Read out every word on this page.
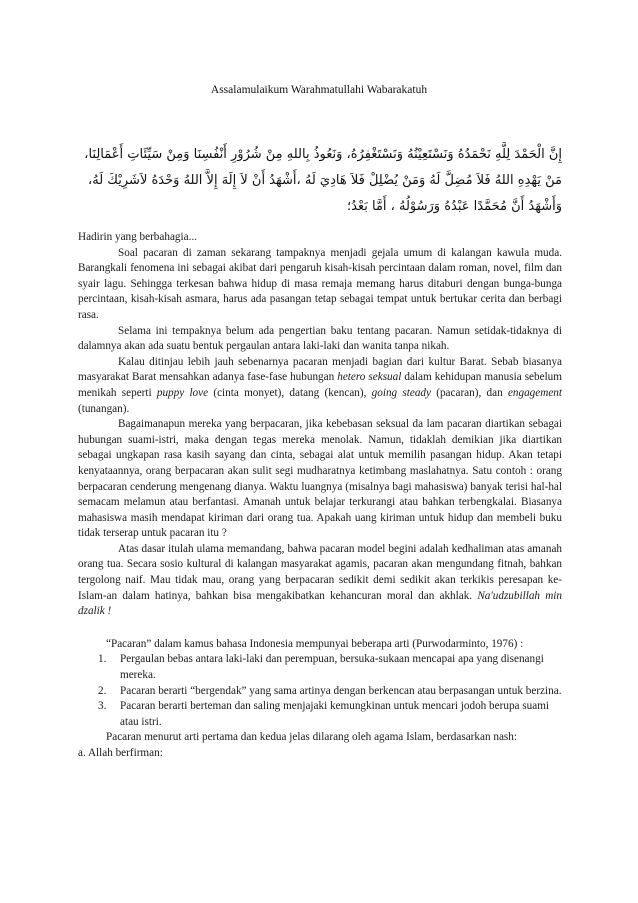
Assalamulaikum Warahmatullahi Wabarakatuh
إِنَّ الْحَمْدَ لِلَّهِ نَحْمَدُهُ وَنَسْتَعِيْنُهُ وَنَسْتَغْفِرُهُ، وَنَعُوذُ بِاللهِ مِنْ شُرُوْرِ أَنْفُسِنَا وَمِنْ سَيِّئَاتِ أَعْمَالِنَا،
مَنْ يَهْدِهِ اللهُ فَلاَ مُضِلَّ لَهُ وَمَنْ يُضْلِلْ فَلاَ هَادِيَ لَهُ ،أَشْهَدُ أَنْ لاَ إِلَهَ إِلاَّ اللهُ وَحْدَهُ لاَشَرِيْكَ لَهُ،
وَأَشْهَدُ أَنَّ مُحَمَّدًا عَبْدُهُ وَرَسُوْلُهُ ، أَمَّا بَعْدُ؛

Hadirin yang berbahagia...

Soal pacaran di zaman sekarang tampaknya menjadi gejala umum di kalangan kawula muda. Barangkali fenomena ini sebagai akibat dari pengaruh kisah-kisah percintaan dalam roman, novel, film dan syair lagu. Sehingga terkesan bahwa hidup di masa remaja memang harus ditaburi dengan bunga-bunga percintaan, kisah-kisah asmara, harus ada pasangan tetap sebagai tempat untuk bertukar cerita dan berbagi rasa.

Selama ini tempaknya belum ada pengertian baku tentang pacaran. Namun setidak-tidaknya di dalamnya akan ada suatu bentuk pergaulan antara laki-laki dan wanita tanpa nikah.

Kalau ditinjau lebih jauh sebenarnya pacaran menjadi bagian dari kultur Barat. Sebab biasanya masyarakat Barat mensahkan adanya fase-fase hubungan hetero seksual dalam kehidupan manusia sebelum menikah seperti puppy love (cinta monyet), datang (kencan), going steady (pacaran), dan engagement (tunangan).

Bagaimanapun mereka yang berpacaran, jika kebebasan seksual da lam pacaran diartikan sebagai hubungan suami-istri, maka dengan tegas mereka menolak. Namun, tidaklah demikian jika diartikan sebagai ungkapan rasa kasih sayang dan cinta, sebagai alat untuk memilih pasangan hidup. Akan tetapi kenyataannya, orang berpacaran akan sulit segi mudharatnya ketimbang maslahatnya. Satu contoh : orang berpacaran cenderung mengenang dianya. Waktu luangnya (misalnya bagi mahasiswa) banyak terisi hal-hal semacam melamun atau berfantasi. Amanah untuk belajar terkurangi atau bahkan terbengkalai. Biasanya mahasiswa masih mendapat kiriman dari orang tua. Apakah uang kiriman untuk hidup dan membeli buku tidak terserap untuk pacaran itu ?

Atas dasar itulah ulama memandang, bahwa pacaran model begini adalah kedhaliman atas amanah orang tua. Secara sosio kultural di kalangan masyarakat agamis, pacaran akan mengundang fitnah, bahkan tergolong naif. Mau tidak mau, orang yang berpacaran sedikit demi sedikit akan terkikis peresapan ke-Islam-an dalam hatinya, bahkan bisa mengakibatkan kehancuran moral dan akhlak. Na'udzubillah min dzalik !

“Pacaran” dalam kamus bahasa Indonesia mempunyai beberapa arti (Purwodarminto, 1976) :

1. Pergaulan bebas antara laki-laki dan perempuan, bersuka-sukaan mencapai apa yang disenangi mereka.
2. Pacaran berarti “bergendak” yang sama artinya dengan berkencan atau berpasangan untuk berzina.
3. Pacaran berarti berteman dan saling menjajaki kemungkinan untuk mencari jodoh berupa suami atau istri.

Pacaran menurut arti pertama dan kedua jelas dilarang oleh agama Islam, berdasarkan nash:

a. Allah berfirman:
